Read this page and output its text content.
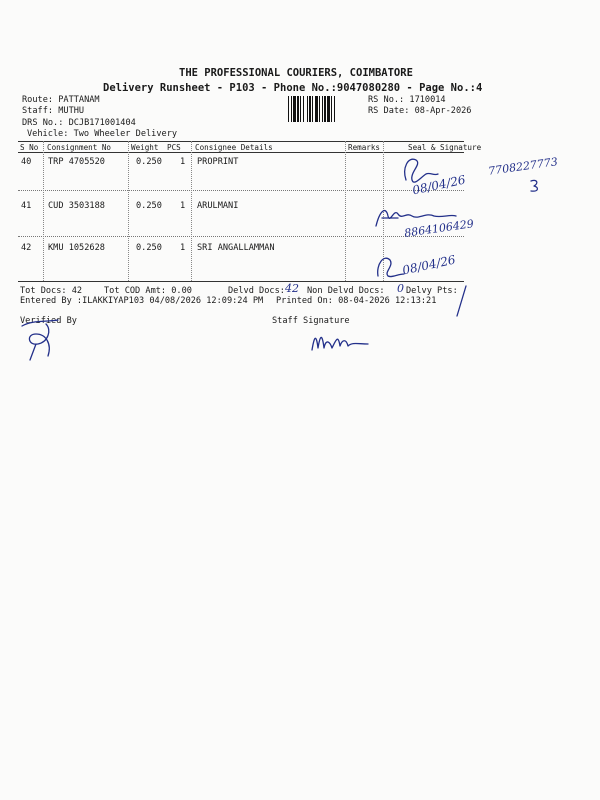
THE PROFESSIONAL COURIERS, COIMBATORE
Delivery Runsheet - P103 - Phone No.:9047080280 - Page No.:4
Route: PATTANAM
Staff: MUTHU
DRS No.: DCJB171001404
Vehicle: Two Wheeler Delivery
RS No.: 1710014
RS Date: 08-Apr-2026
S No Consignment No	Weight PCS Consignee Details	Remarks	Seal & Signature
40 TRP 4705520	0.250 1 PROPRINT
41 CUD 3503188	0.250 1 ARULMANI
42 KMU 1052628	0.250 1 SRI ANGALLAMMAN
Tot Docs: 42	Tot COD Amt: 0.00	Delvd Docs:	Non Delvd Docs: Delvy Pts:
Entered By :ILAKKIYAP103 04/08/2026 12:09:24 PM Printed On: 08-04-2026 12:13:21
Verified By	Staff Signature
08/04/26
7708227773
8864106429
08/04/26
42	0
